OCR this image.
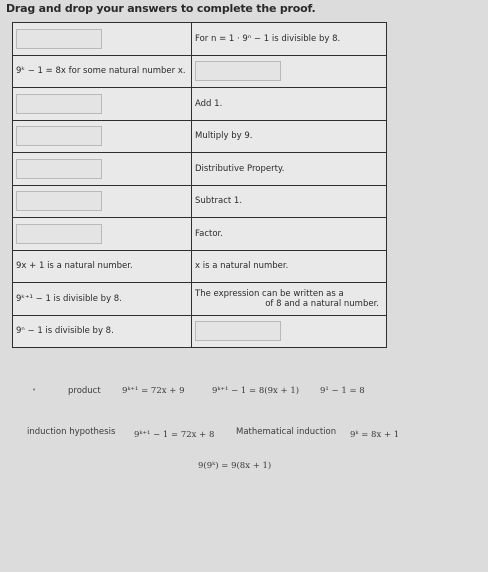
Drag and drop your answers to complete the proof.
	For n = 1 · 9ⁿ − 1 is divisible by 8.
9ᵏ − 1 = 8x for some natural number x.	
	Add 1.
	Multiply by 9.
	Distributive Property.
	Subtract 1.
	Factor.
9x + 1 is a natural number.	x is a natural number.
9ᵏ⁺¹ − 1 is divisible by 8.	The expression can be written as a
of 8 and a natural number.

9ⁿ − 1 is divisible by 8.	
•	product	9ᵏ⁺¹ = 72x + 9	9ᵏ⁺¹ − 1 = 8(9x + 1) 9¹ − 1 = 8
induction hypothesis 9ᵏ⁺¹ − 1 = 72x + 8	Mathematical induction 9ᵏ = 8x + 1
9(9ᵏ) = 9(8x + 1)
